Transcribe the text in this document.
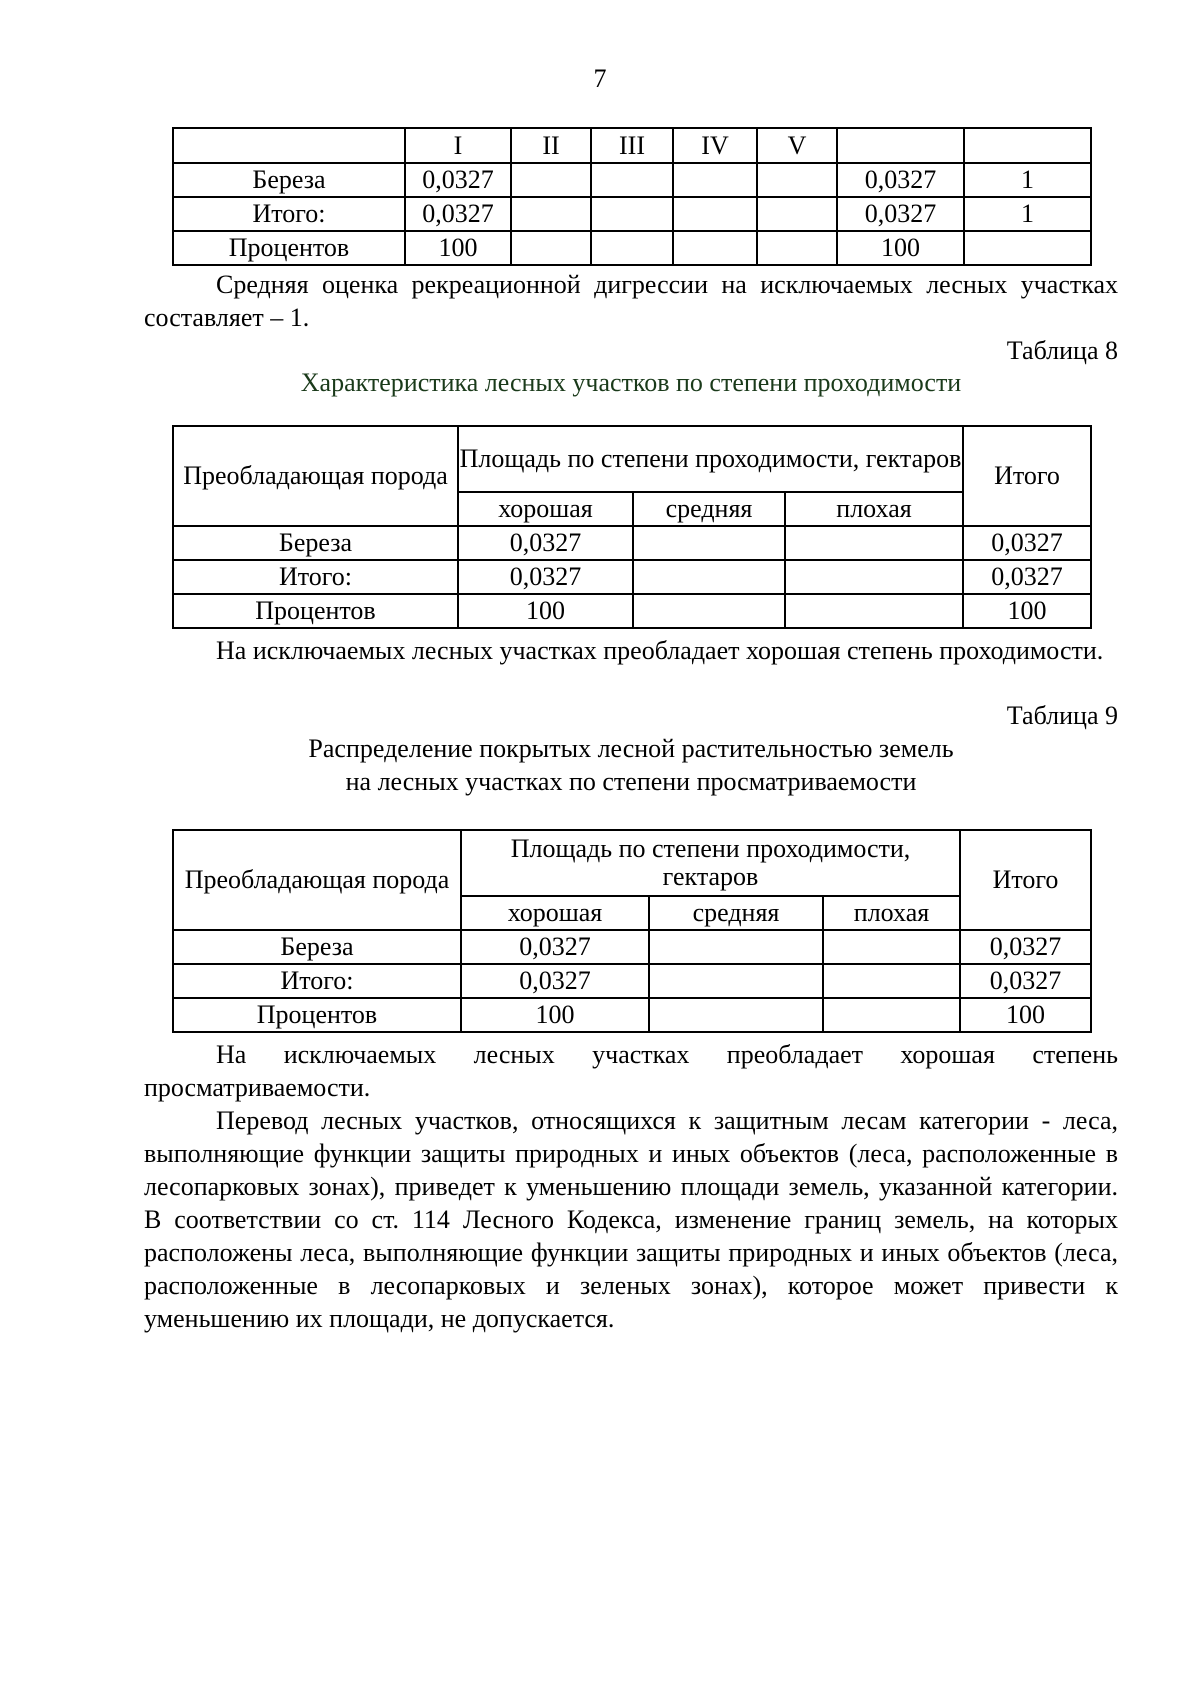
7
	I	II	III	IV	V		
Береза	0,0327					0,0327	1
Итого:	0,0327					0,0327	1
Процентов	100					100	

Средняя оценка рекреационной дигрессии на исключаемых лесных участках составляет – 1.

Таблица 8
Характеристика лесных участков по степени проходимости
Преобладающая порода	Площадь по степени проходимости, гектаров			Итого
	хорошая	средняя	плохая	
Береза	0,0327			0,0327
Итого:	0,0327			0,0327
Процентов	100			100

На исключаемых лесных участках преобладает хорошая степень проходимости.

Таблица 9
Распределение покрытых лесной растительностью земель
на лесных участках по степени просматриваемости
Преобладающая порода	Площадь по степени проходимости, гектаров			Итого
	хорошая	средняя	плохая	
Береза	0,0327			0,0327
Итого:	0,0327			0,0327
Процентов	100			100

На исключаемых лесных участках преобладает хорошая степень просматриваемости.

Перевод лесных участков, относящихся к защитным лесам категории - леса, выполняющие функции защиты природных и иных объектов (леса, расположенные в лесопарковых зонах), приведет к уменьшению площади земель, указанной категории. В соответствии со ст. 114 Лесного Кодекса, изменение границ земель, на которых расположены леса, выполняющие функции защиты природных и иных объектов (леса, расположенные в лесопарковых и зеленых зонах), которое может привести к уменьшению их площади, не допускается.
